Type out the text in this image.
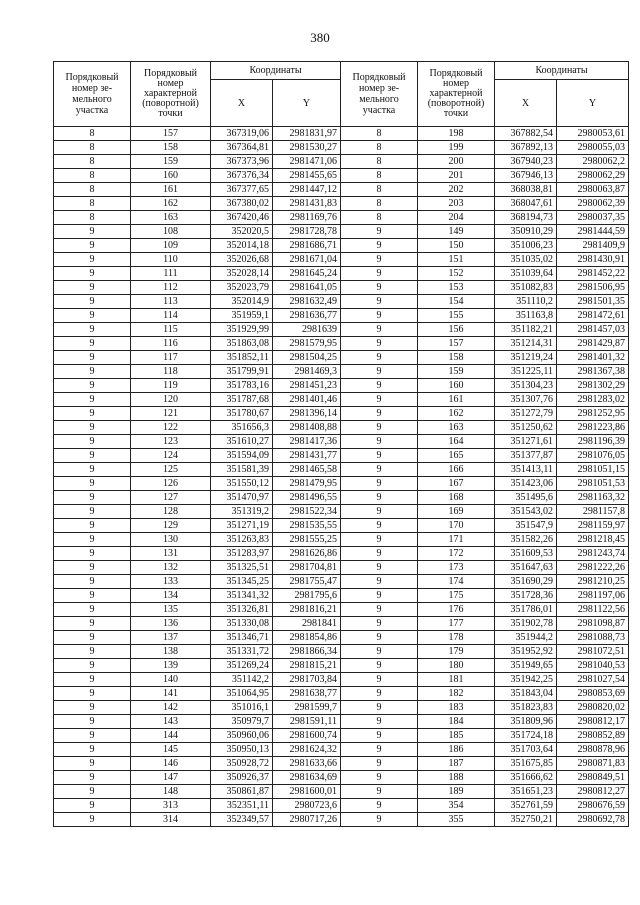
380
Порядковый номер зе-мельного участка	Порядковый номер характерной (поворотной) точки	Координаты		Порядковый номер зе-мельного участка	Порядковый номер характерной (поворотной) точки	Координаты	
		X	Y			X	Y
8	157	367319,06	2981831,97	8	198	367882,54	2980053,61
8	158	367364,81	2981530,27	8	199	367892,13	2980055,03
8	159	367373,96	2981471,06	8	200	367940,23	2980062,2
8	160	367376,34	2981455,65	8	201	367946,13	2980062,29
8	161	367377,65	2981447,12	8	202	368038,81	2980063,87
8	162	367380,02	2981431,83	8	203	368047,61	2980062,39
8	163	367420,46	2981169,76	8	204	368194,73	2980037,35
9	108	352020,5	2981728,78	9	149	350910,29	2981444,59
9	109	352014,18	2981686,71	9	150	351006,23	2981409,9
9	110	352026,68	2981671,04	9	151	351035,02	2981430,91
9	111	352028,14	2981645,24	9	152	351039,64	2981452,22
9	112	352023,79	2981641,05	9	153	351082,83	2981506,95
9	113	352014,9	2981632,49	9	154	351110,2	2981501,35
9	114	351959,1	2981636,77	9	155	351163,8	2981472,61
9	115	351929,99	2981639	9	156	351182,21	2981457,03
9	116	351863,08	2981579,95	9	157	351214,31	2981429,87
9	117	351852,11	2981504,25	9	158	351219,24	2981401,32
9	118	351799,91	2981469,3	9	159	351225,11	2981367,38
9	119	351783,16	2981451,23	9	160	351304,23	2981302,29
9	120	351787,68	2981401,46	9	161	351307,76	2981283,02
9	121	351780,67	2981396,14	9	162	351272,79	2981252,95
9	122	351656,3	2981408,88	9	163	351250,62	2981223,86
9	123	351610,27	2981417,36	9	164	351271,61	2981196,39
9	124	351594,09	2981431,77	9	165	351377,87	2981076,05
9	125	351581,39	2981465,58	9	166	351413,11	2981051,15
9	126	351550,12	2981479,95	9	167	351423,06	2981051,53
9	127	351470,97	2981496,55	9	168	351495,6	2981163,32
9	128	351319,2	2981522,34	9	169	351543,02	2981157,8
9	129	351271,19	2981535,55	9	170	351547,9	2981159,97
9	130	351263,83	2981555,25	9	171	351582,26	2981218,45
9	131	351283,97	2981626,86	9	172	351609,53	2981243,74
9	132	351325,51	2981704,81	9	173	351647,63	2981222,26
9	133	351345,25	2981755,47	9	174	351690,29	2981210,25
9	134	351341,32	2981795,6	9	175	351728,36	2981197,06
9	135	351326,81	2981816,21	9	176	351786,01	2981122,56
9	136	351330,08	2981841	9	177	351902,78	2981098,87
9	137	351346,71	2981854,86	9	178	351944,2	2981088,73
9	138	351331,72	2981866,34	9	179	351952,92	2981072,51
9	139	351269,24	2981815,21	9	180	351949,65	2981040,53
9	140	351142,2	2981703,84	9	181	351942,25	2981027,54
9	141	351064,95	2981638,77	9	182	351843,04	2980853,69
9	142	351016,1	2981599,7	9	183	351823,83	2980820,02
9	143	350979,7	2981591,11	9	184	351809,96	2980812,17
9	144	350960,06	2981600,74	9	185	351724,18	2980852,89
9	145	350950,13	2981624,32	9	186	351703,64	2980878,96
9	146	350928,72	2981633,66	9	187	351675,85	2980871,83
9	147	350926,37	2981634,69	9	188	351666,62	2980849,51
9	148	350861,87	2981600,01	9	189	351651,23	2980812,27
9	313	352351,11	2980723,6	9	354	352761,59	2980676,59
9	314	352349,57	2980717,26	9	355	352750,21	2980692,78
